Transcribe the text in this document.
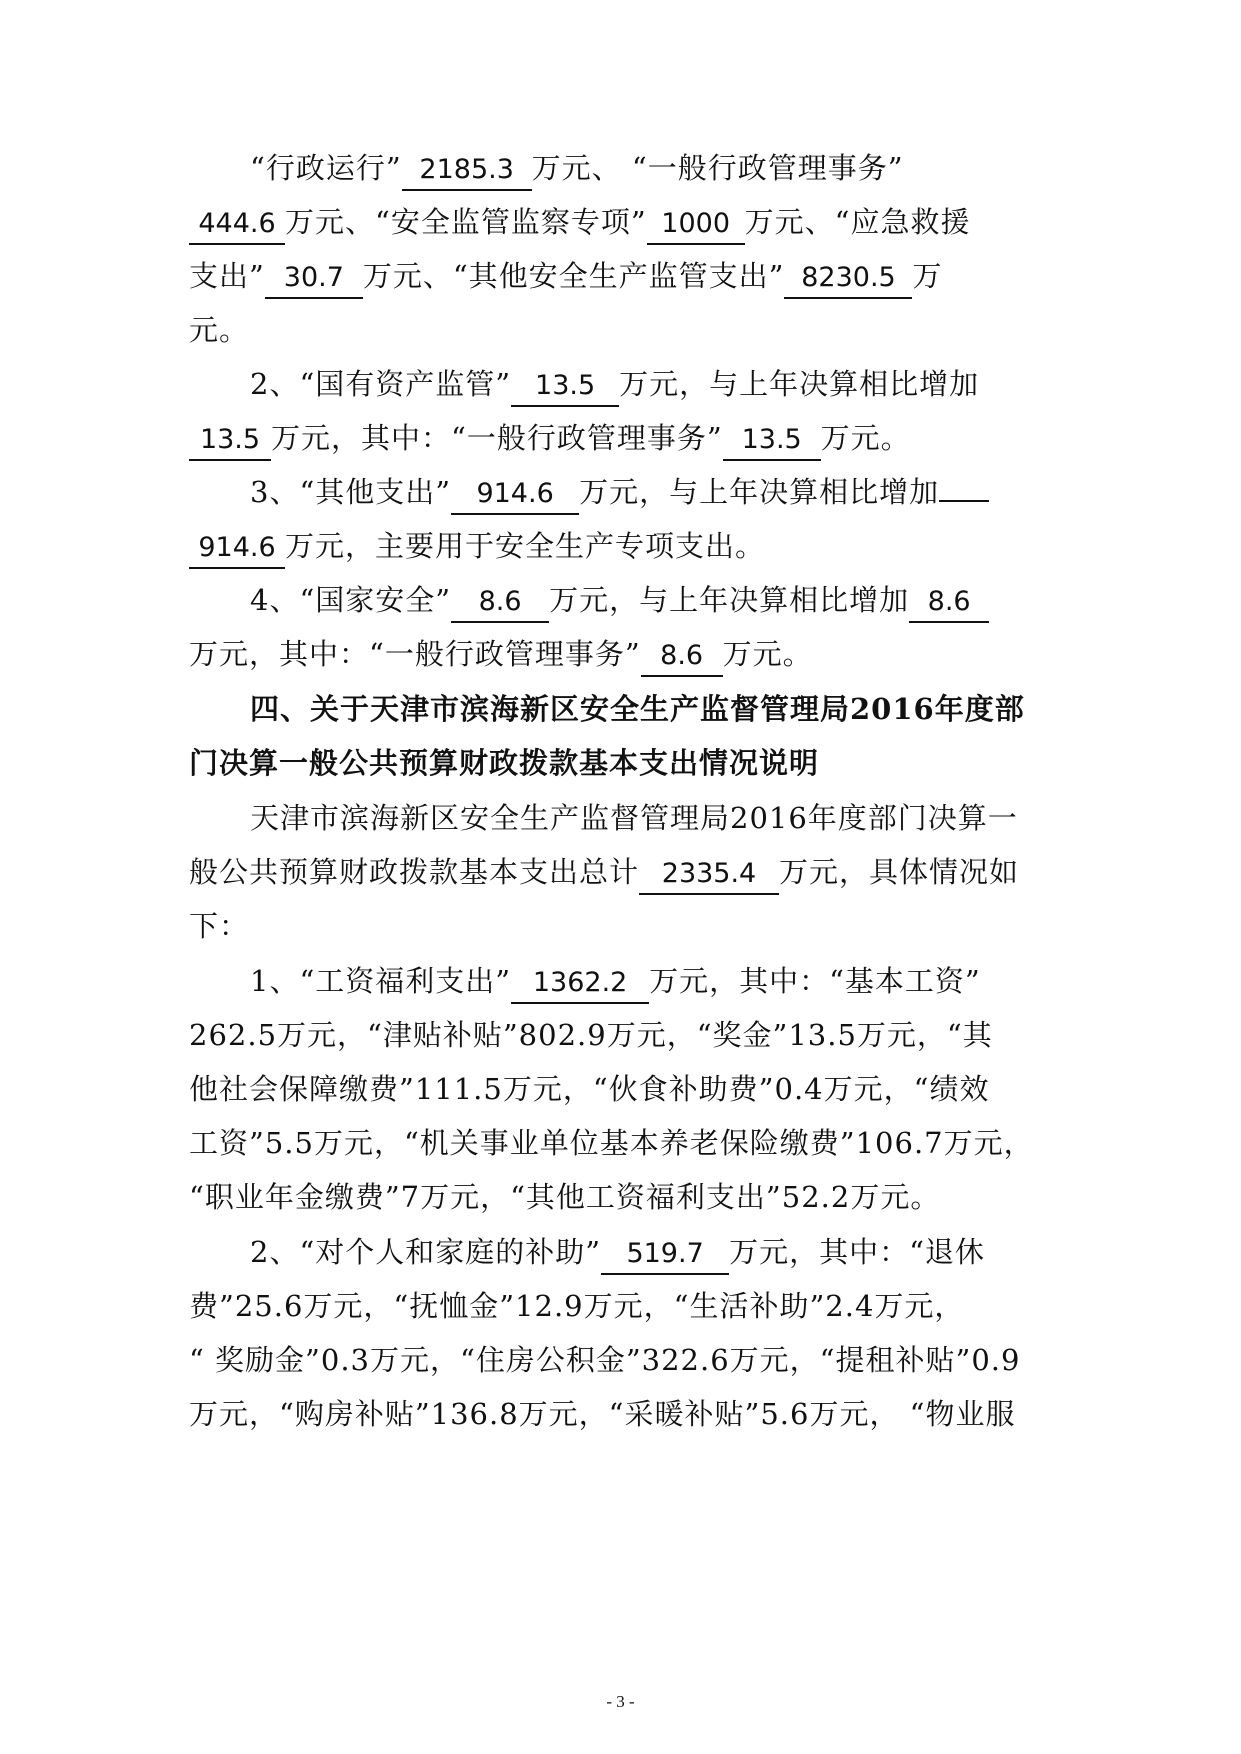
“行政运行” 2185.3 万元、 “一般行政管理事务”
444.6 万元、“安全监管监察专项” 1000 万元、“应急救援
支出” 30.7 万元、“其他安全生产监管支出” 8230.5 万
元。
2、“国有资产监管” 13.5 万元，与上年决算相比增加
13.5 万元，其中：“一般行政管理事务” 13.5 万元。
3、“其他支出” 914.6 万元，与上年决算相比增加
914.6 万元，主要用于安全生产专项支出。
4、“国家安全” 8.6 万元，与上年决算相比增加 8.6
万元，其中：“一般行政管理事务” 8.6 万元。
四、关于天津市滨海新区安全生产监督管理局2016年度部
门决算一般公共预算财政拨款基本支出情况说明
天津市滨海新区安全生产监督管理局2016年度部门决算一
般公共预算财政拨款基本支出总计 2335.4 万元，具体情况如
下：
1、“工资福利支出” 1362.2 万元，其中：“基本工资”
262.5万元，“津贴补贴”802.9万元，“奖金”13.5万元，“其
他社会保障缴费”111.5万元，“伙食补助费”0.4万元，“绩效
工资”5.5万元，“机关事业单位基本养老保险缴费”106.7万元，
“职业年金缴费”7万元，“其他工资福利支出”52.2万元。
2、“对个人和家庭的补助” 519.7 万元，其中：“退休
费”25.6万元，“抚恤金”12.9万元，“生活补助”2.4万元，
“ 奖励金”0.3万元，“住房公积金”322.6万元，“提租补贴”0.9
万元，“购房补贴”136.8万元，“采暖补贴”5.6万元， “物业服
- 3 -
